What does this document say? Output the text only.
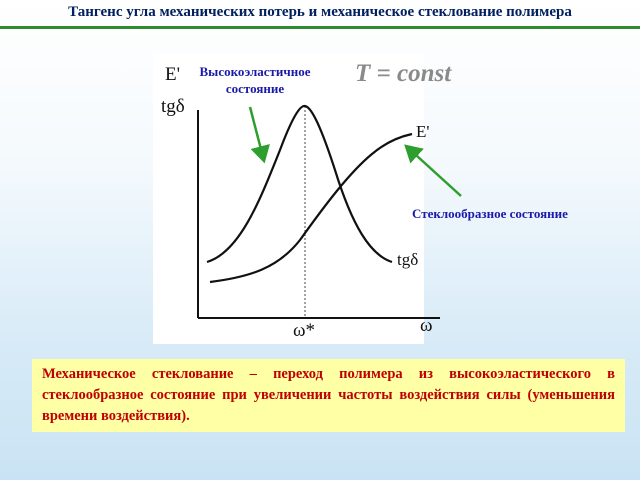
Тангенс угла механических потерь и механическое стеклование полимера
E'
tgδ
Высокоэластичное состояние
T = const
E'
tgδ
Стеклообразное состояние
ω*	ω

Механическое стеклование – переход полимера из высокоэластического в стеклообразное состояние при увеличении частоты воздействия силы (уменьшения времени воздействия).
